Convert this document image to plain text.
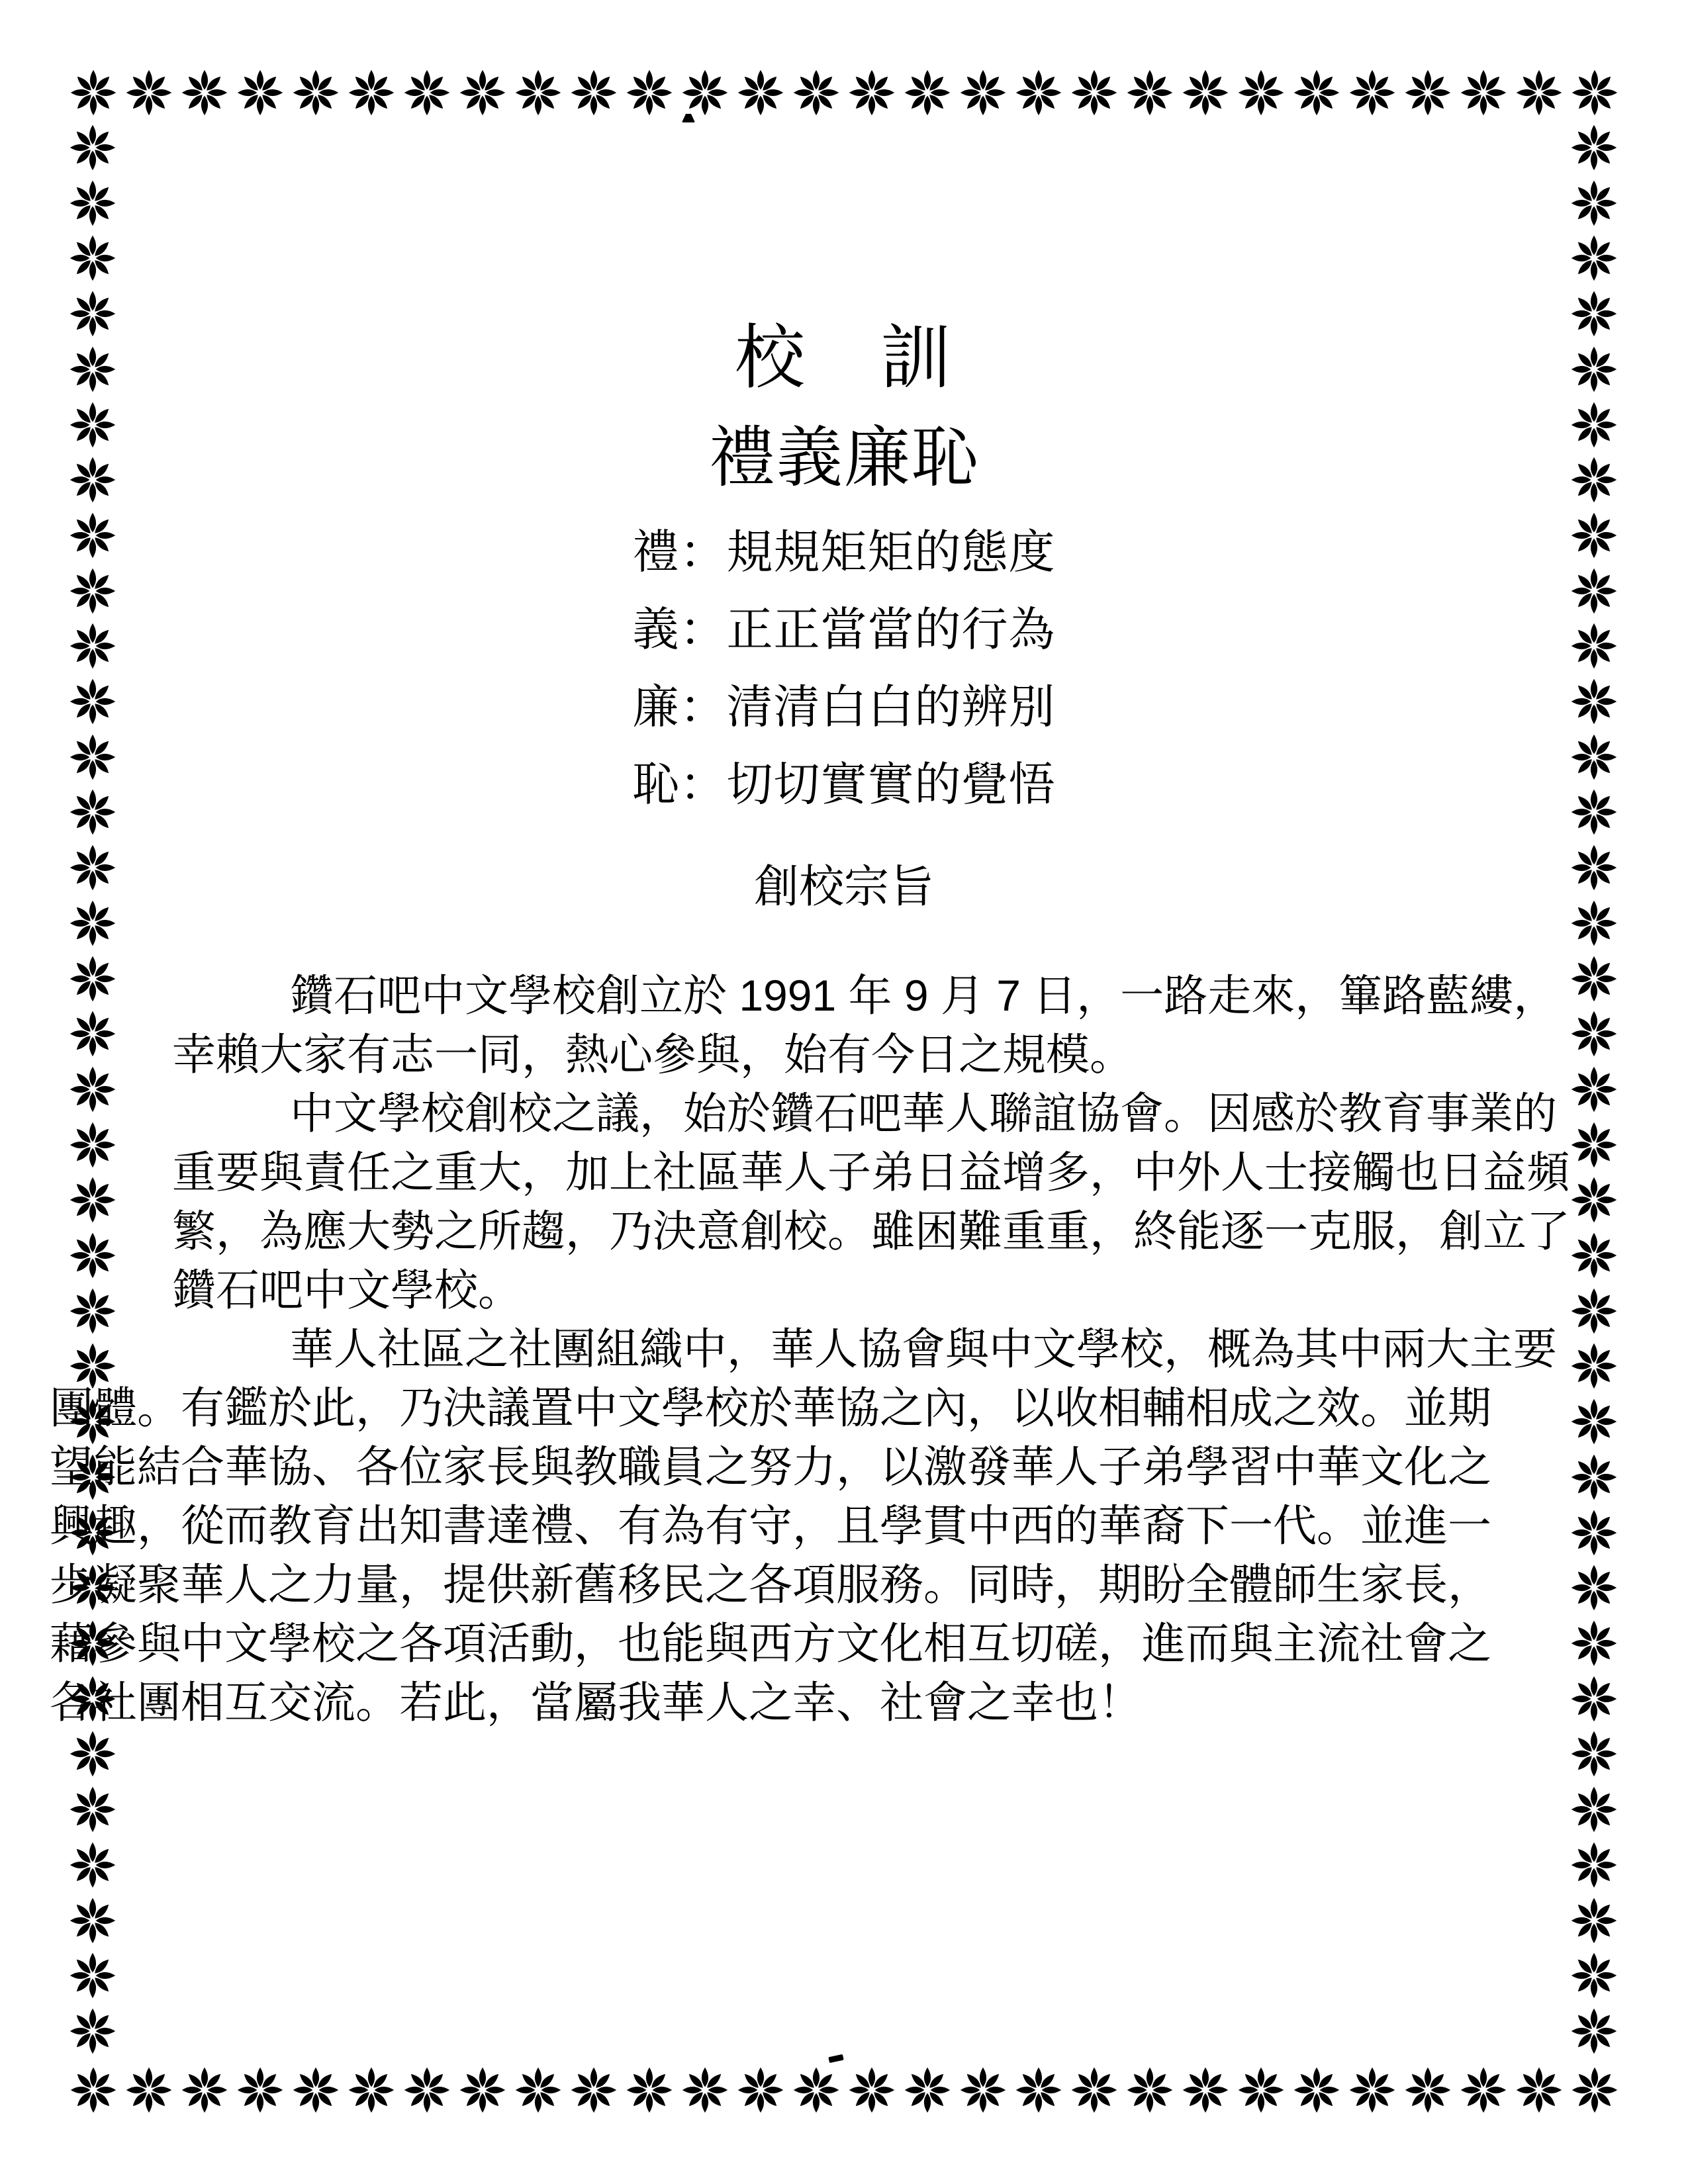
校　訓
禮義廉恥
禮：規規矩矩的態度
義：正正當當的行為
廉：清清白白的辨別
恥：切切實實的覺悟
創校宗旨
鑽石吧中文學校創立於 1991 年 9 月 7 日，一路走來，篳路藍縷，
幸賴大家有志一同，熱心參與，始有今日之規模。
中文學校創校之議，始於鑽石吧華人聯誼協會。因感於教育事業的
重要與責任之重大，加上社區華人子弟日益增多，中外人士接觸也日益頻
繁，為應大勢之所趨，乃決意創校。雖困難重重，終能逐一克服，創立了
鑽石吧中文學校。
華人社區之社團組織中，華人協會與中文學校，概為其中兩大主要
團體。有鑑於此，乃決議置中文學校於華協之內，以收相輔相成之效。並期
望能結合華協、各位家長與教職員之努力，以激發華人子弟學習中華文化之
興趣，從而教育出知書達禮、有為有守，且學貫中西的華裔下一代。並進一
步凝聚華人之力量，提供新舊移民之各項服務。同時，期盼全體師生家長，
藉參與中文學校之各項活動，也能與西方文化相互切磋，進而與主流社會之
各社團相互交流。若此，當屬我華人之幸、社會之幸也！
